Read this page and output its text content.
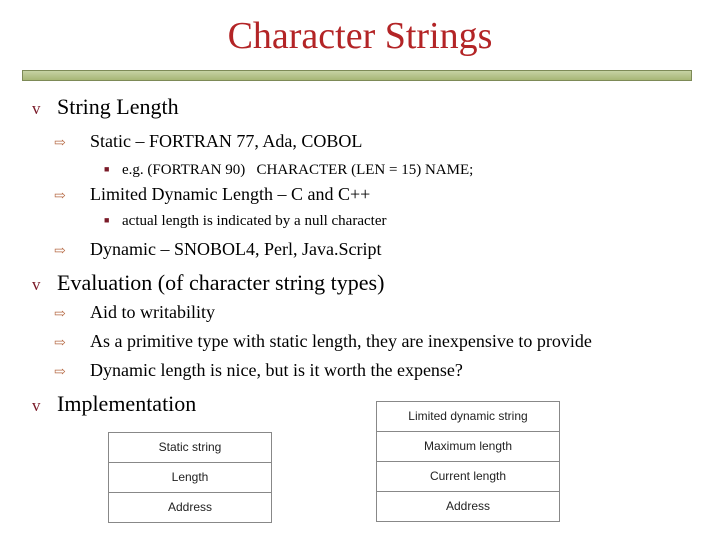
Character Strings
v String Length
⇨ Static – FORTRAN 77, Ada, COBOL
■ e.g. (FORTRAN 90)   CHARACTER (LEN = 15) NAME;
⇨ Limited Dynamic Length – C and C++
■ actual length is indicated by a null character
⇨ Dynamic – SNOBOL4, Perl, Java.Script
v Evaluation (of character string types)
⇨ Aid to writability
⇨ As a primitive type with static length, they are inexpensive to provide
⇨ Dynamic length is nice, but is it worth the expense?
v Implementation
Static string
Length
Address
Limited dynamic string
Maximum length
Current length
Address
